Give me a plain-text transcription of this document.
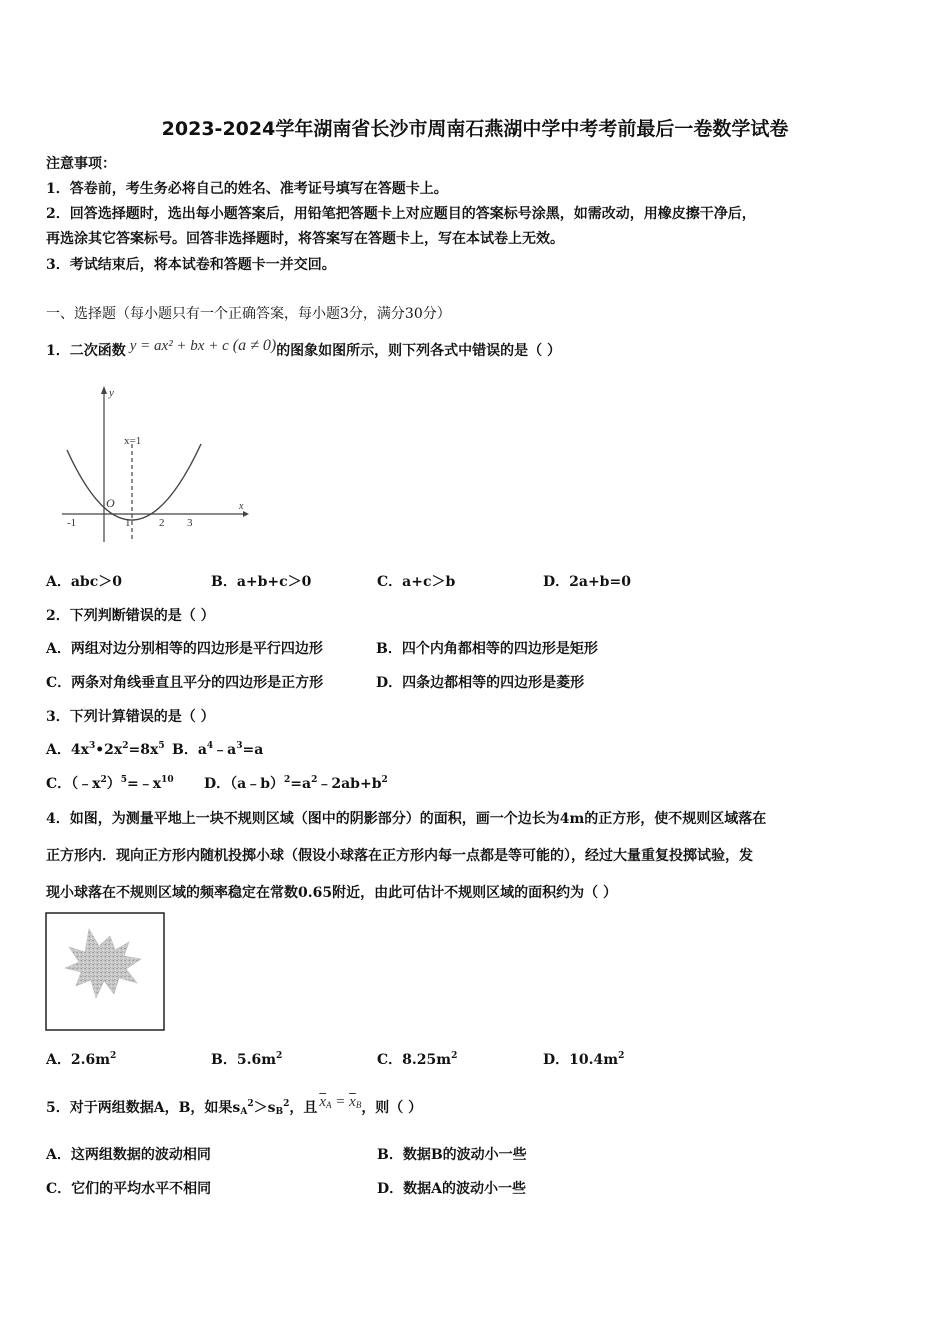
2023-2024学年湖南省长沙市周南石燕湖中学中考考前最后一卷数学试卷
注意事项：
1．答卷前，考生务必将自己的姓名、准考证号填写在答题卡上。
2．回答选择题时，选出每小题答案后，用铅笔把答题卡上对应题目的答案标号涂黑，如需改动，用橡皮擦干净后，
再选涂其它答案标号。回答非选择题时，将答案写在答题卡上，写在本试卷上无效。
3．考试结束后，将本试卷和答题卡一并交回。
一、选择题（每小题只有一个正确答案，每小题3分，满分30分）
1．二次函数 y = ax² + bx + c (a ≠ 0)的图象如图所示，则下列各式中错误的是（ ）
y
x
O
x=1
-1	1	2 3
A．abc＞0	B．a+b+c＞0	C．a+c＞b	D．2a+b=0
2．下列判断错误的是（ ）
A．两组对边分别相等的四边形是平行四边形	B．四个内角都相等的四边形是矩形
C．两条对角线垂直且平分的四边形是正方形	D．四条边都相等的四边形是菱形
3．下列计算错误的是（ ）
A．$4x^3•2x^2=8x^5$ B．$a^4﹣a^3=a$
C．$(﹣x^2)^5=﹣x^{10}$ D．$(a﹣b)^2=a^2﹣2ab+b^2$
4．如图，为测量平地上一块不规则区域（图中的阴影部分）的面积，画一个边长为4m的正方形，使不规则区域落在
正方形内．现向正方形内随机投掷小球（假设小球落在正方形内每一点都是等可能的），经过大量重复投掷试验，发
现小球落在不规则区域的频率稳定在常数0.65附近，由此可估计不规则区域的面积约为（ ）
A．$2.6m^2$	B．$5.6m^2$	C．$8.25m^2$	D．$10.4m^2$
5．对于两组数据A，B，如果$s_A^2>s_B^2$，且 $\overline{x}_A = \overline{x}_B$，则（ ）
A．这两组数据的波动相同	B．数据B的波动小一些
C．它们的平均水平不相同	D．数据A的波动小一些
